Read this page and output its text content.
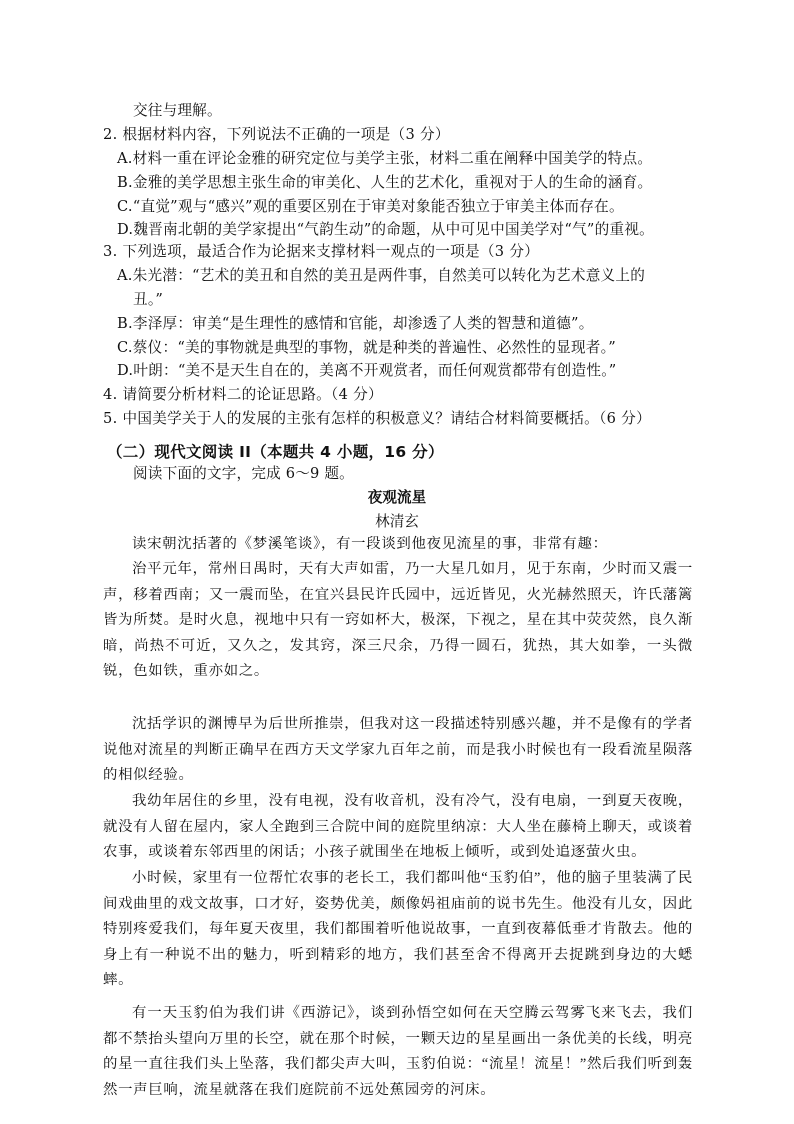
交往与理解。
2. 根据材料内容，下列说法不正确的一项是（3 分）
A.材料一重在评论金雅的研究定位与美学主张，材料二重在阐释中国美学的特点。
B.金雅的美学思想主张生命的审美化、人生的艺术化，重视对于人的生命的涵育。
C.“直觉”观与“感兴”观的重要区别在于审美对象能否独立于审美主体而存在。
D.魏晋南北朝的美学家提出“气韵生动”的命题，从中可见中国美学对“气”的重视。
3. 下列选项，最适合作为论据来支撑材料一观点的一项是（3 分）
A.朱光潜：“艺术的美丑和自然的美丑是两件事，自然美可以转化为艺术意义上的
丑。”
B.李泽厚：审美“是生理性的感情和官能，却渗透了人类的智慧和道德”。
C.蔡仪：“美的事物就是典型的事物，就是种类的普遍性、必然性的显现者。”
D.叶朗：“美不是天生自在的，美离不开观赏者，而任何观赏都带有创造性。”
4. 请简要分析材料二的论证思路。（4 分）
5. 中国美学关于人的发展的主张有怎样的积极意义？请结合材料简要概括。（6 分）
（二）现代文阅读 II（本题共 4 小题，16 分）
阅读下面的文字，完成 6～9 题。
夜观流星
林清玄
读宋朝沈括著的《梦溪笔谈》，有一段谈到他夜见流星的事，非常有趣：
治平元年，常州日禺时，天有大声如雷，乃一大星几如月，见于东南，少时而又震一声，移着西南；又一震而坠，在宜兴县民许氏园中，远近皆见，火光赫然照天，许氏藩篱皆为所焚。是时火息，视地中只有一窍如杯大，极深，下视之，星在其中荧荧然，良久渐暗，尚热不可近，又久之，发其窍，深三尺余，乃得一圆石，犹热，其大如拳，一头微锐，色如铁，重亦如之。
沈括学识的渊博早为后世所推崇，但我对这一段描述特别感兴趣，并不是像有的学者说他对流星的判断正确早在西方天文学家九百年之前，而是我小时候也有一段看流星陨落的相似经验。
我幼年居住的乡里，没有电视，没有收音机，没有冷气，没有电扇，一到夏天夜晚，就没有人留在屋内，家人全跑到三合院中间的庭院里纳凉：大人坐在藤椅上聊天，或谈着农事，或谈着东邻西里的闲话；小孩子就围坐在地板上倾听，或到处追逐萤火虫。
小时候，家里有一位帮忙农事的老长工，我们都叫他“玉豹伯”，他的脑子里装满了民间戏曲里的戏文故事，口才好，姿势优美，颇像妈祖庙前的说书先生。他没有儿女，因此特别疼爱我们，每年夏天夜里，我们都围着听他说故事，一直到夜幕低垂才肯散去。他的身上有一种说不出的魅力，听到精彩的地方，我们甚至舍不得离开去捉跳到身边的大蟋蟀。
有一天玉豹伯为我们讲《西游记》，谈到孙悟空如何在天空腾云驾雾飞来飞去，我们都不禁抬头望向万里的长空，就在那个时候，一颗天边的星星画出一条优美的长线，明亮的星一直往我们头上坠落，我们都尖声大叫，玉豹伯说：“流星！流星！”然后我们听到轰然一声巨响，流星就落在我们庭院前不远处蕉园旁的河床。
